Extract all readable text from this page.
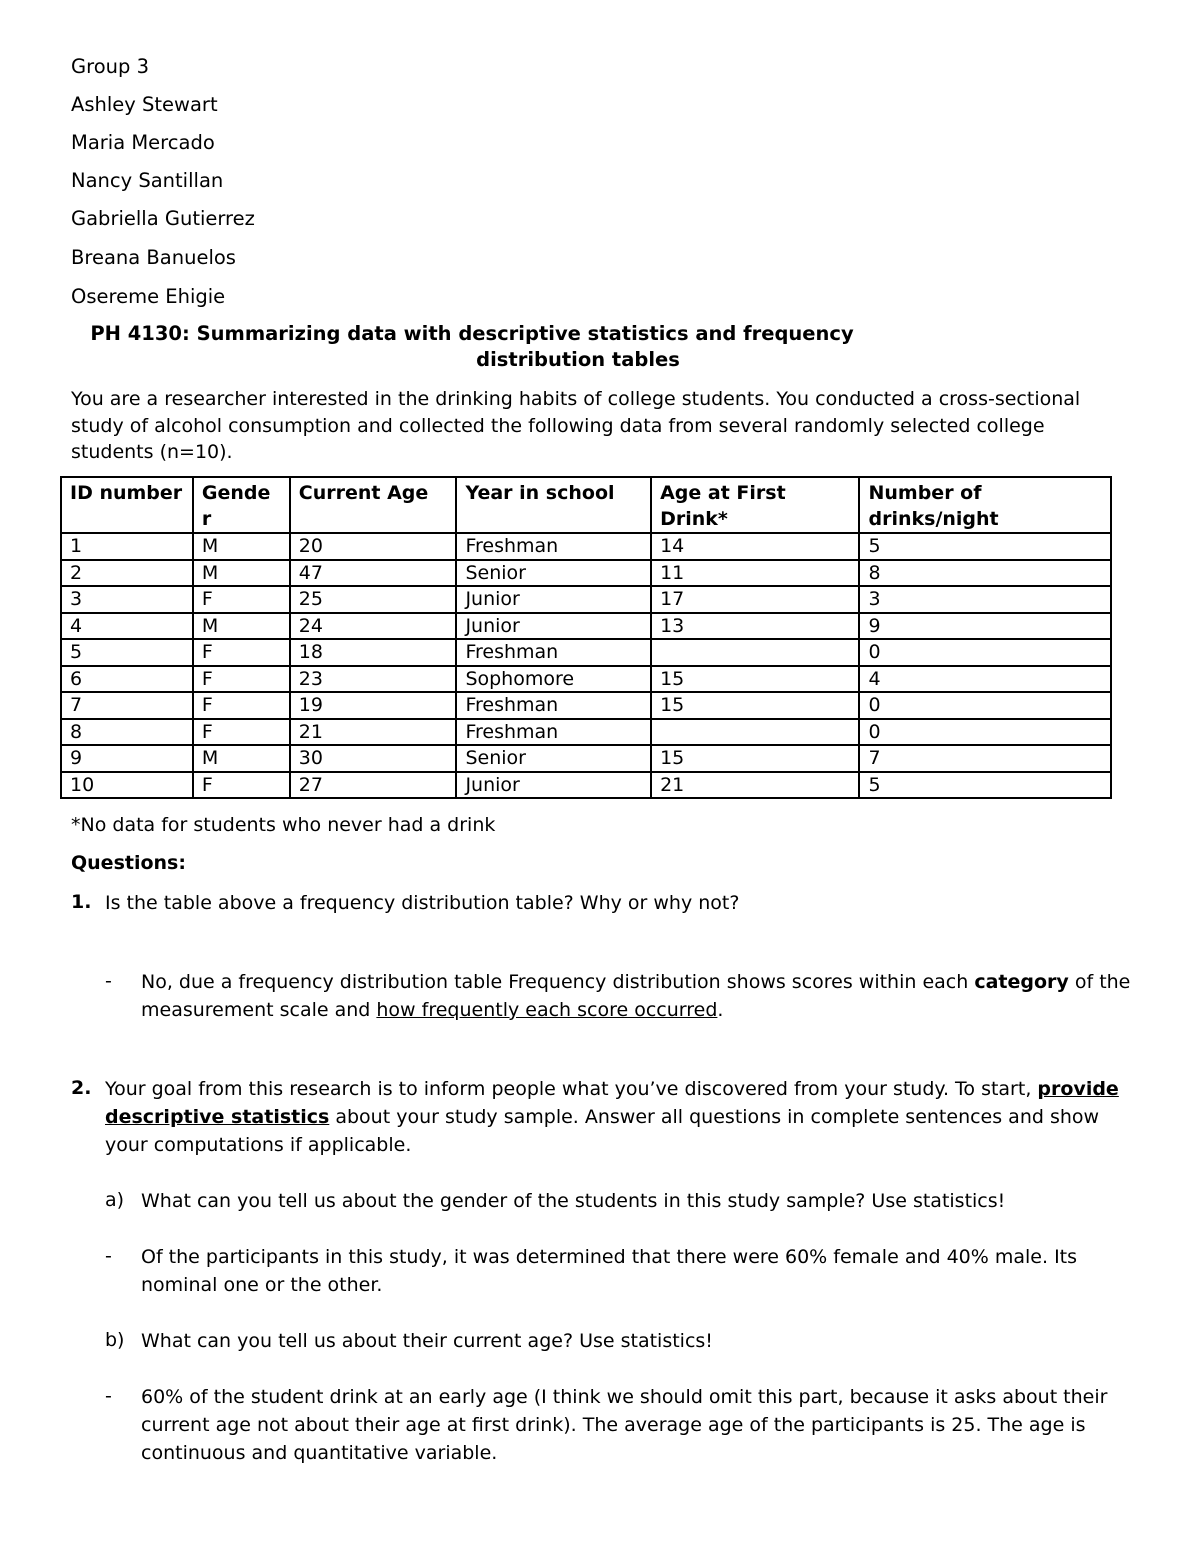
Group 3
Ashley Stewart
Maria Mercado
Nancy Santillan
Gabriella Gutierrez
Breana Banuelos
Osereme Ehigie
PH 4130: Summarizing data with descriptive statistics and frequency
distribution tables
You are a researcher interested in the drinking habits of college students. You conducted a cross-sectional study of alcohol consumption and collected the following data from several randomly selected college students (n=10).
ID number	Gende r	Current Age	Year in school	Age at First Drink*	Number of drinks/night
1	M	20	Freshman	14	5
2	M	47	Senior	11	8
3	F	25	Junior	17	3
4	M	24	Junior	13	9
5	F	18	Freshman		0
6	F	23	Sophomore	15	4
7	F	19	Freshman	15	0
8	F	21	Freshman		0
9	M	30	Senior	15	7
10	F	27	Junior	21	5
*No data for students who never had a drink
Questions:
1. Is the table above a frequency distribution table? Why or why not?
- No, due a frequency distribution table Frequency distribution shows scores within each category of the measurement scale and how frequently each score occurred.
2. Your goal from this research is to inform people what you’ve discovered from your study. To start, provide descriptive statistics about your study sample. Answer all questions in complete sentences and show your computations if applicable.
a) What can you tell us about the gender of the students in this study sample? Use statistics!
- Of the participants in this study, it was determined that there were 60% female and 40% male. Its nominal one or the other.
b) What can you tell us about their current age? Use statistics!
- 60% of the student drink at an early age (I think we should omit this part, because it asks about their current age not about their age at first drink). The average age of the participants is 25. The age is continuous and quantitative variable.
